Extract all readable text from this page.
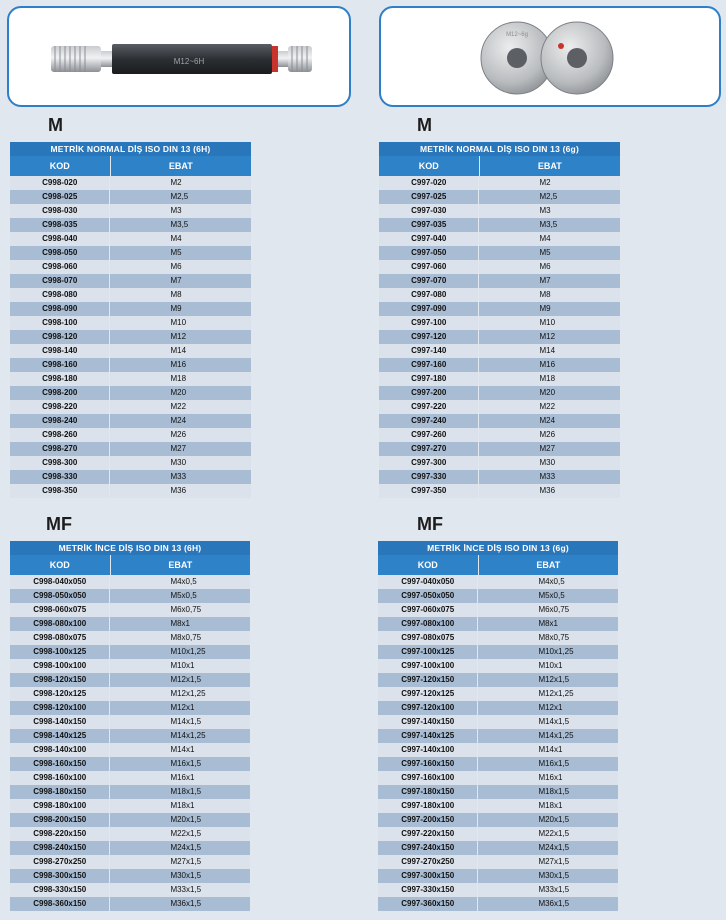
M12~6H
M12~6g
M	M
MF	MF
METRİK NORMAL DİŞ ISO DIN 13 (6H)
KOD	EBAT
C998-020	M2
C998-025	M2,5
C998-030	M3
C998-035	M3,5
C998-040	M4
C998-050	M5
C998-060	M6
C998-070	M7
C998-080	M8
C998-090	M9
C998-100	M10
C998-120	M12
C998-140	M14
C998-160	M16
C998-180	M18
C998-200	M20
C998-220	M22
C998-240	M24
C998-260	M26
C998-270	M27
C998-300	M30
C998-330	M33
C998-350	M36
METRİK NORMAL DİŞ ISO DIN 13 (6g)
KOD	EBAT
C997-020	M2
C997-025	M2,5
C997-030	M3
C997-035	M3,5
C997-040	M4
C997-050	M5
C997-060	M6
C997-070	M7
C997-080	M8
C997-090	M9
C997-100	M10
C997-120	M12
C997-140	M14
C997-160	M16
C997-180	M18
C997-200	M20
C997-220	M22
C997-240	M24
C997-260	M26
C997-270	M27
C997-300	M30
C997-330	M33
C997-350	M36
METRİK İNCE DİŞ ISO DIN 13 (6H)
KOD	EBAT
C998-040x050	M4x0,5
C998-050x050	M5x0,5
C998-060x075	M6x0,75
C998-080x100	M8x1
C998-080x075	M8x0,75
C998-100x125	M10x1,25
C998-100x100	M10x1
C998-120x150	M12x1,5
C998-120x125	M12x1,25
C998-120x100	M12x1
C998-140x150	M14x1,5
C998-140x125	M14x1,25
C998-140x100	M14x1
C998-160x150	M16x1,5
C998-160x100	M16x1
C998-180x150	M18x1,5
C998-180x100	M18x1
C998-200x150	M20x1,5
C998-220x150	M22x1,5
C998-240x150	M24x1,5
C998-270x250	M27x1,5
C998-300x150	M30x1,5
C998-330x150	M33x1,5
C998-360x150	M36x1,5
METRİK İNCE DİŞ ISO DIN 13 (6g)
KOD	EBAT
C997-040x050	M4x0,5
C997-050x050	M5x0,5
C997-060x075	M6x0,75
C997-080x100	M8x1
C997-080x075	M8x0,75
C997-100x125	M10x1,25
C997-100x100	M10x1
C997-120x150	M12x1,5
C997-120x125	M12x1,25
C997-120x100	M12x1
C997-140x150	M14x1,5
C997-140x125	M14x1,25
C997-140x100	M14x1
C997-160x150	M16x1,5
C997-160x100	M16x1
C997-180x150	M18x1,5
C997-180x100	M18x1
C997-200x150	M20x1,5
C997-220x150	M22x1,5
C997-240x150	M24x1,5
C997-270x250	M27x1,5
C997-300x150	M30x1,5
C997-330x150	M33x1,5
C997-360x150	M36x1,5
